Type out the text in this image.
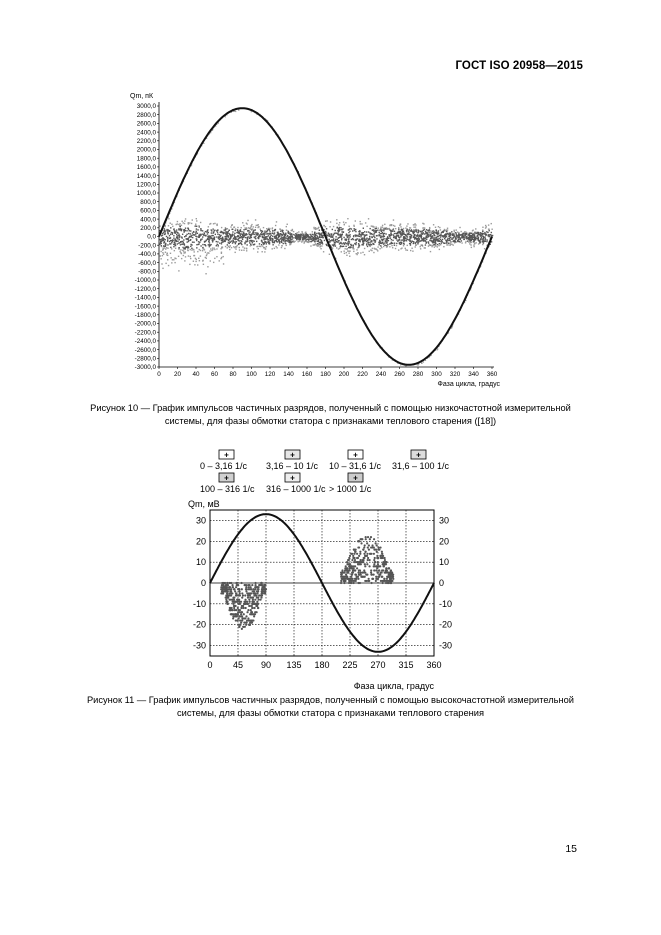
ГОСТ ISO 20958—2015
Qm, пК
3000,0
2800,0
2600,0
2400,0
2200,0
2000,0
1800,0
1600,0
1400,0
1200,0
1000,0
800,0
600,0
400,0
200,0
0,0
-200,0
-400,0
-600,0
-800,0
-1000,0
-1200,0
-1400,0
-1600,0
-1800,0
-2000,0
-2200,0
-2400,0
-2600,0
-2800,0
-3000,0
0 20 40 60 80 100 120 140 160 180 200 220 240 260 280 300 320 340 360
Фаза цикла, градус
+
0 – 3,16 1/с
+
3,16 – 10 1/с
+
10 – 31,6 1/с
+
31,6 – 100 1/с
+
100 – 316 1/с
+
316 – 1000 1/с
+
> 1000 1/с
Qm, мВ
30	30
20	20
10	10
0	0
-10	-10
-20	-20
-30	-30
0 45 90 135 180 225 270 315 360
Фаза цикла, градус
Рисунок 10 — График импульсов частичных разрядов, полученный с помощью низкочастотной измерительной
системы, для фазы обмотки статора с признаками теплового старения ([18])
Рисунок 11 — График импульсов частичных разрядов, полученный с помощью высокочастотной измерительной
системы, для фазы обмотки статора с признаками теплового старения
15
